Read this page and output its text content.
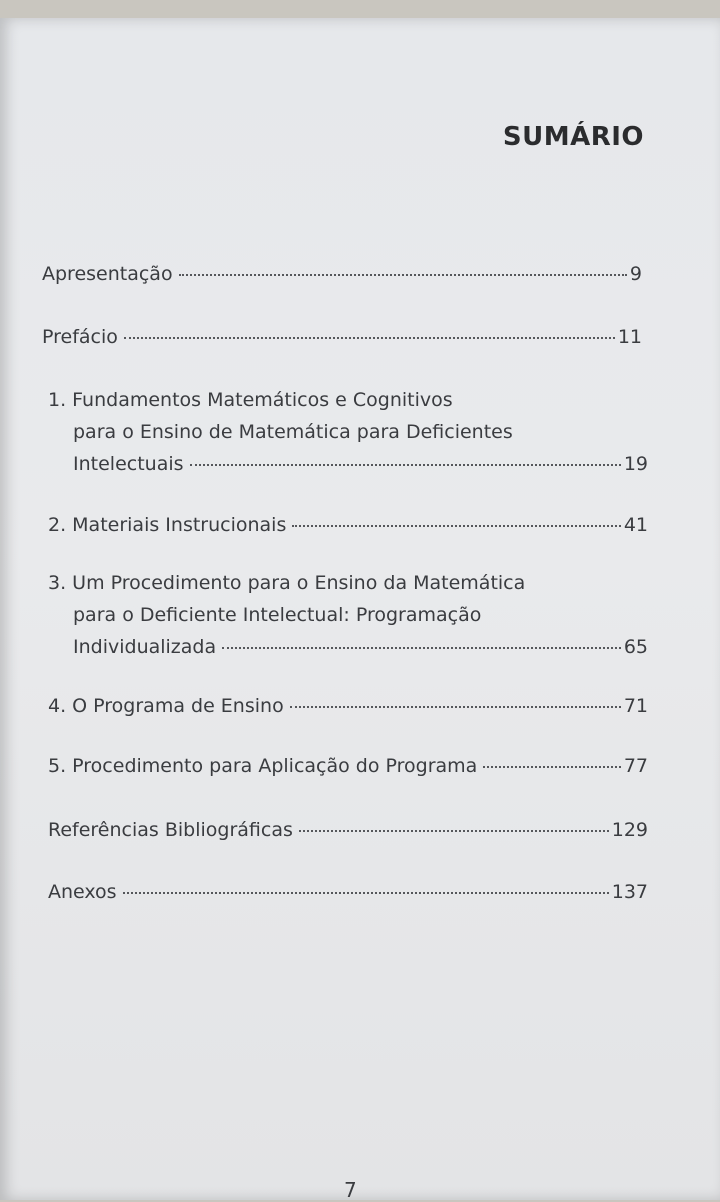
SUMÁRIO
Apresentação	9
Prefácio	11
1. Fundamentos Matemáticos e Cognitivos
para o Ensino de Matemática para Deficientes
Intelectuais	19
2. Materiais Instrucionais	41
3. Um Procedimento para o Ensino da Matemática
para o Deficiente Intelectual: Programação
Individualizada	65
4. O Programa de Ensino	71
5. Procedimento para Aplicação do Programa	77
Referências Bibliográficas	129
Anexos	137
7
